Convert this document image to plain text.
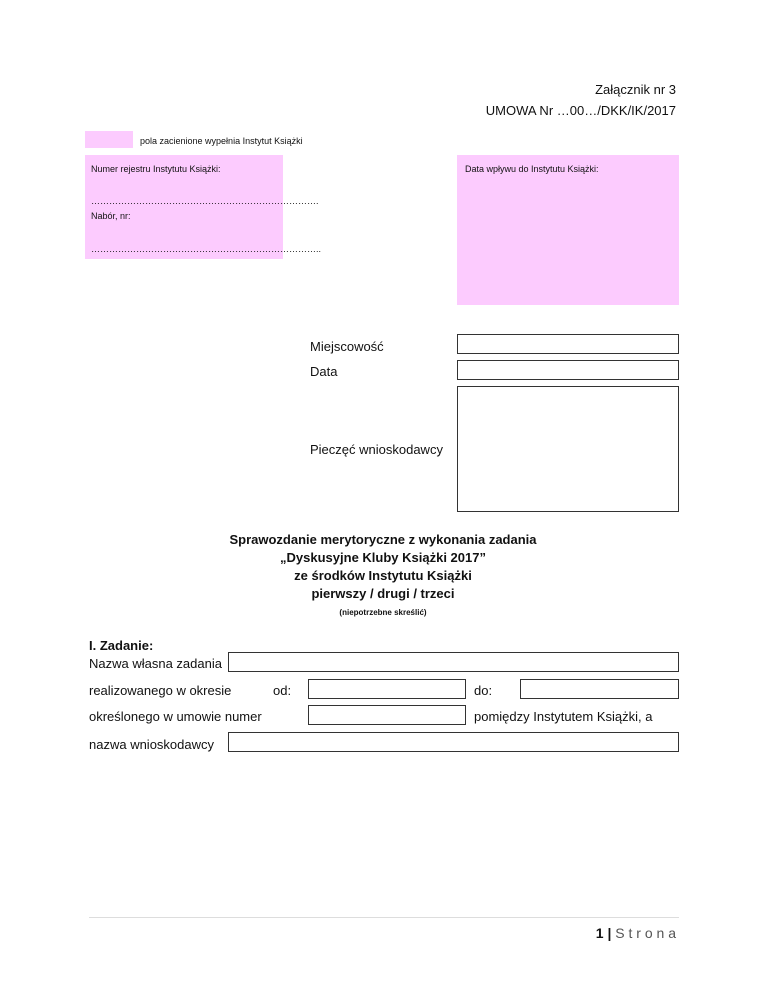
Załącznik nr 3
UMOWA Nr …00…/DKK/IK/2017
pola zacienione wypełnia Instytut Książki
Numer rejestru Instytutu Książki:
………………………………………………………………….
Nabór, nr:
…………………………………………………………………..
Data wpływu do Instytutu Książki:
Miejscowość
Data
Pieczęć wnioskodawcy
Sprawozdanie merytoryczne z wykonania zadania
„Dyskusyjne Kluby Książki 2017”
ze środków Instytutu Książki
pierwszy / drugi / trzeci
(niepotrzebne skreślić)
I. Zadanie:
Nazwa własna zadania
realizowanego w okresie	od:	do:
określonego w umowie numer	pomiędzy Instytutem Książki, a
nazwa wnioskodawcy
1 | S t r o n a
